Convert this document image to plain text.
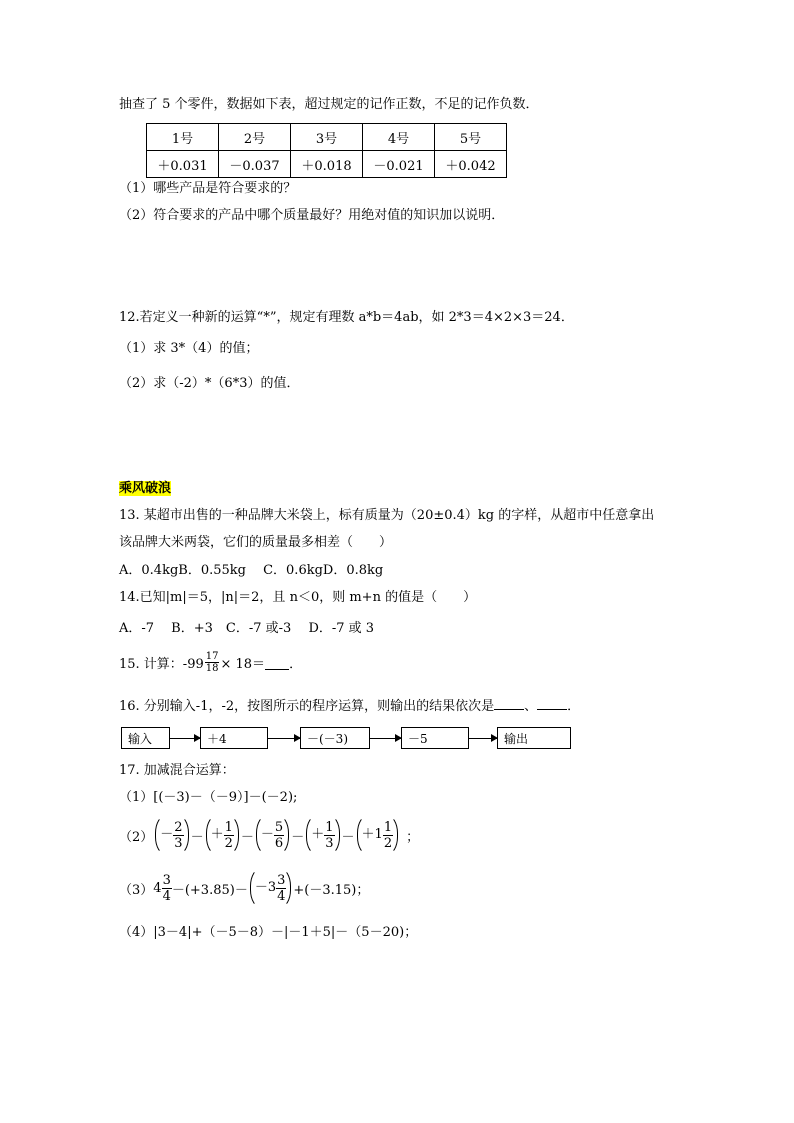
抽查了 5 个零件，数据如下表，超过规定的记作正数，不足的记作负数．
1号	2号	3号	4号	5号
＋0.031	－0.037	＋0.018	－0.021	＋0.042
（1）哪些产品是符合要求的？
（2）符合要求的产品中哪个质量最好？用绝对值的知识加以说明．
12.若定义一种新的运算“*”，规定有理数 a*b＝4ab，如 2*3＝4×2×3＝24．
（1）求 3*（4）的值；
（2）求（-2）*（6*3）的值．
乘风破浪
13. 某超市出售的一种品牌大米袋上，标有质量为（20±0.4）kg 的字样，从超市中任意拿出
该品牌大米两袋，它们的质量最多相差（　　）
A．0.4kgB．0.55kg　 C．0.6kgD．0.8kg
14.已知|m|＝5，|n|＝2，且 n＜0，则 m+n 的值是（　　）
A．-7　 B．+3　C．-7 或-3　 D．-7 或 3
15. 计算：$-99 \frac{17}{18} \times 18=$ ．
16. 分别输入-1，-2，按图所示的程序运算，则输出的结果依次是 、 ．
输入	＋4	－(－3)	－5	输出
17. 加减混合运算：
（1）[(－3)－（－9）]－(－2);
$(2) - \frac{2}{3}$ － ＋ $\frac{1}{2}$ － － $\frac{5}{6}$ － ＋ $\frac{1}{3} - +1 \frac{1}{2}$ ；
（3） $4 \frac{3}{4} -(+3.85)- -3 \frac{3}{4} +(-3.15)$；
（4）|3－4|+（－5－8）－|－1＋5|－（5－20)；
